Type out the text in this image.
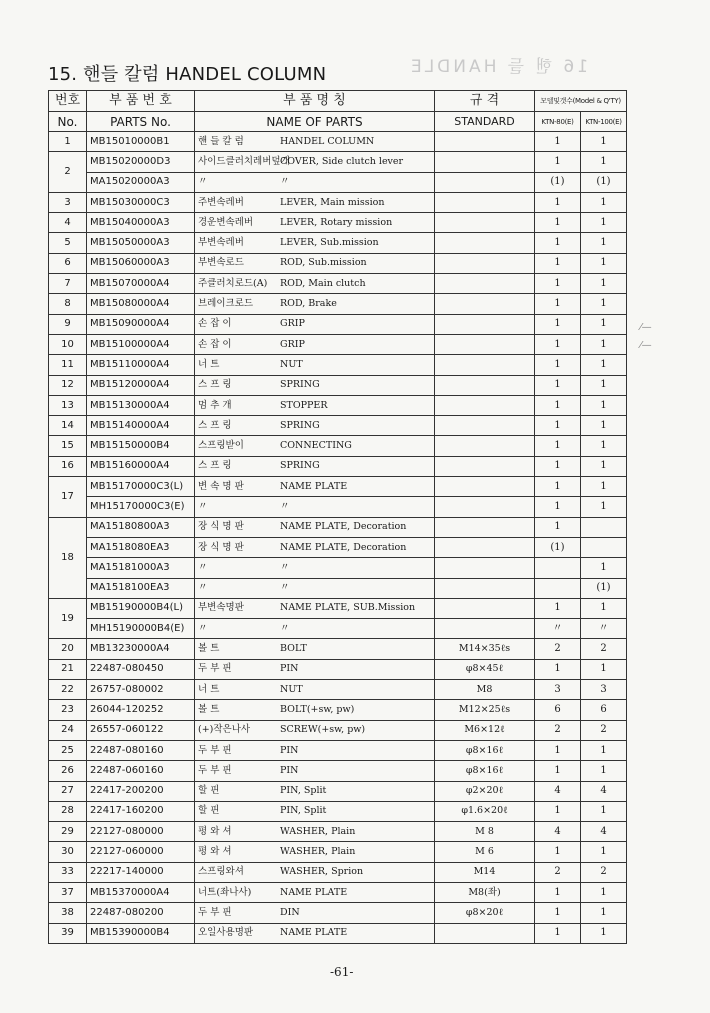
15. 핸들 칼럼 HANDEL COLUMN	16 핸 들 HANDLE
번호	부 품 번 호	부 품 명 칭	규 격	모델및갯수(Model & Q'TY)	
No.	PARTS No.	NAME OF PARTS	STANDARD	KTN-80(E)	KTN-100(E)
1	MB15010000B1	핸 들 칼 럼 HANDEL COLUMN		1	1
2	MB15020000D3	사이드클러치레버덮개COVER, Side clutch lever		1	1
	MA15020000A3	〃 〃		(1)	(1)
3	MB15030000C3	주변속레버 LEVER, Main mission		1	1
4	MB15040000A3	경운변속레버 LEVER, Rotary mission		1	1
5	MB15050000A3	부변속레버 LEVER, Sub.mission		1	1
6	MB15060000A3	부변속로드 ROD, Sub.mission		1	1
7	MB15070000A4	주클러치로드(A) ROD, Main clutch		1	1
8	MB15080000A4	브레이크로드 ROD, Brake		1	1
9	MB15090000A4	손 잡 이 GRIP		1	1
10	MB15100000A4	손 잡 이 GRIP		1	1
11	MB15110000A4	너 트 NUT		1	1
12	MB15120000A4	스 프 링 SPRING		1	1
13	MB15130000A4	멈 추 개 STOPPER		1	1
14	MB15140000A4	스 프 링 SPRING		1	1
15	MB15150000B4	스프링받이 CONNECTING		1	1
16	MB15160000A4	스 프 링 SPRING		1	1
17	MB15170000C3(L)	변 속 명 판 NAME PLATE		1	1
	MH15170000C3(E)	〃 〃		1	1
18	MA15180800A3	장 식 명 판 NAME PLATE, Decoration		1	
	MA1518080EA3	장 식 명 판 NAME PLATE, Decoration		(1)	
	MA15181000A3	〃 〃			1
	MA1518100EA3	〃 〃			(1)
19	MB15190000B4(L)	부변속명판 NAME PLATE, SUB.Mission		1	1
	MH15190000B4(E)	〃 〃		〃	〃
20	MB13230000A4	볼 트 BOLT	M14×35ℓs	2	2
21	22487-080450	두 부 핀 PIN	φ8×45ℓ	1	1
22	26757-080002	너 트 NUT	M8	3	3
23	26044-120252	볼 트 BOLT(+sw, pw)	M12×25ℓs	6	6
24	26557-060122	(+)작은나사 SCREW(+sw, pw)	M6×12ℓ	2	2
25	22487-080160	두 부 핀 PIN	φ8×16ℓ	1	1
26	22487-060160	두 부 핀 PIN	φ8×16ℓ	1	1
27	22417-200200	할 핀 PIN, Split	φ2×20ℓ	4	4
28	22417-160200	할 핀 PIN, Split	φ1.6×20ℓ	1	1
29	22127-080000	평 와 셔 WASHER, Plain	M 8	4	4
30	22127-060000	평 와 셔 WASHER, Plain	M 6	1	1
33	22217-140000	스프링와셔 WASHER, Sprion	M14	2	2
37	MB15370000A4	너트(좌나사) NAME PLATE	M8(좌)	1	1
38	22487-080200	두 부 핀 DIN	φ8×20ℓ	1	1
39	MB15390000B4	오일사용명판 NAME PLATE		1	1
-61-
⁄—
⁄—
